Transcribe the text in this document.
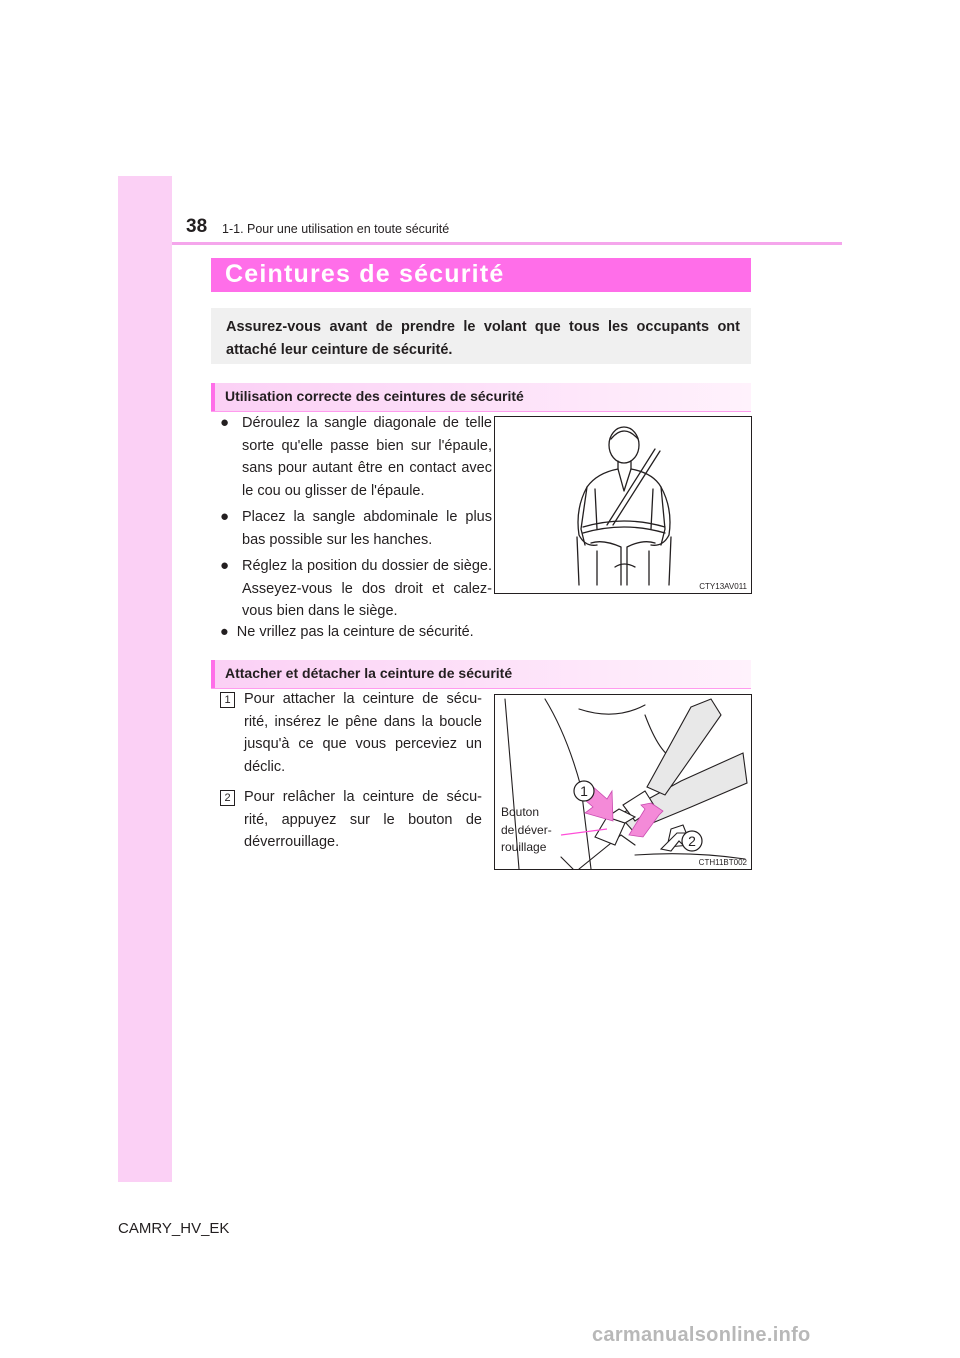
38 1-1. Pour une utilisation en toute sécurité
Ceintures de sécurité

Assurez-vous avant de prendre le volant que tous les occupants ont attaché leur ceinture de sécurité.

Utilisation correcte des ceintures de sécurité
● Déroulez la sangle diagonale de telle sorte qu'elle passe bien sur l'épaule, sans pour autant être en contact avec le cou ou glisser de l'épaule.
● Placez la sangle abdominale le plus bas possible sur les hanches.
● Réglez la position du dossier de siège. Asseyez-vous le dos droit et calez-vous bien dans le siège.
● Ne vrillez pas la ceinture de sécurité.
CTY13AV011
Attacher et détacher la ceinture de sécurité
1 Pour attacher la ceinture de sécu-rité, insérez le pêne dans la boucle jusqu'à ce que vous perceviez un déclic.
2 Pour relâcher la ceinture de sécu-rité, appuyez sur le bouton de déverrouillage.
1
2
CTH11BT002
Bouton
de déver-
rouillage
CAMRY_HV_EK
carmanualsonline.info
